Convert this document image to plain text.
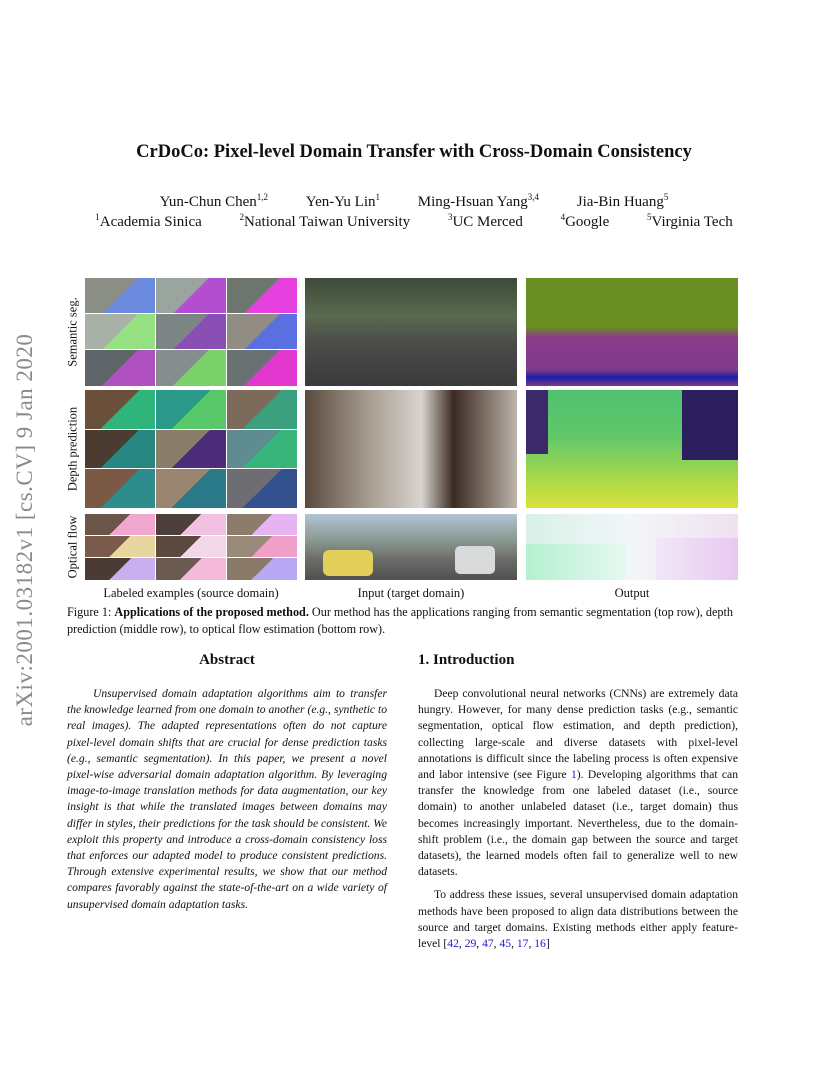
arXiv:2001.03182v1 [cs.CV] 9 Jan 2020
CrDoCo: Pixel-level Domain Transfer with Cross-Domain Consistency
Yun-Chun Chen$^{1,2}$	Yen-Yu Lin$^1$	Ming-Hsuan Yang$^{3,4}$	Jia-Bin Huang$^5$
$^1$Academia Sinica	$^2$National Taiwan University	$^3$UC Merced	$^4$Google	$^5$Virginia Tech
Semantic seg.
Depth prediction
Optical flow
Labeled examples (source domain)	Input (target domain)	Output
Figure 1: Applications of the proposed method. Our method has the applications ranging from semantic segmentation (top row), depth prediction (middle row), to optical flow estimation (bottom row).
Abstract

Unsupervised domain adaptation algorithms aim to transfer the knowledge learned from one domain to another (e.g., synthetic to real images). The adapted representations often do not capture pixel-level domain shifts that are crucial for dense prediction tasks (e.g., semantic segmentation). In this paper, we present a novel pixel-wise adversarial domain adaptation algorithm. By leveraging image-to-image translation methods for data augmentation, our key insight is that while the translated images between domains may differ in styles, their predictions for the task should be consistent. We exploit this property and introduce a cross-domain consistency loss that enforces our adapted model to produce consistent predictions. Through extensive experimental results, we show that our method compares favorably against the state-of-the-art on a wide variety of unsupervised domain adaptation tasks.

1. Introduction

Deep convolutional neural networks (CNNs) are extremely data hungry. However, for many dense prediction tasks (e.g., semantic segmentation, optical flow estimation, and depth prediction), collecting large-scale and diverse datasets with pixel-level annotations is difficult since the labeling process is often expensive and labor intensive (see Figure 1). Developing algorithms that can transfer the knowledge from one labeled dataset (i.e., source domain) to another unlabeled dataset (i.e., target domain) thus becomes increasingly important. Nevertheless, due to the domain-shift problem (i.e., the domain gap between the source and target datasets), the learned models often fail to generalize well to new datasets.

To address these issues, several unsupervised domain adaptation methods have been proposed to align data distributions between the source and target domains. Existing methods either apply feature-level [42, 29, 47, 45, 17, 16]
